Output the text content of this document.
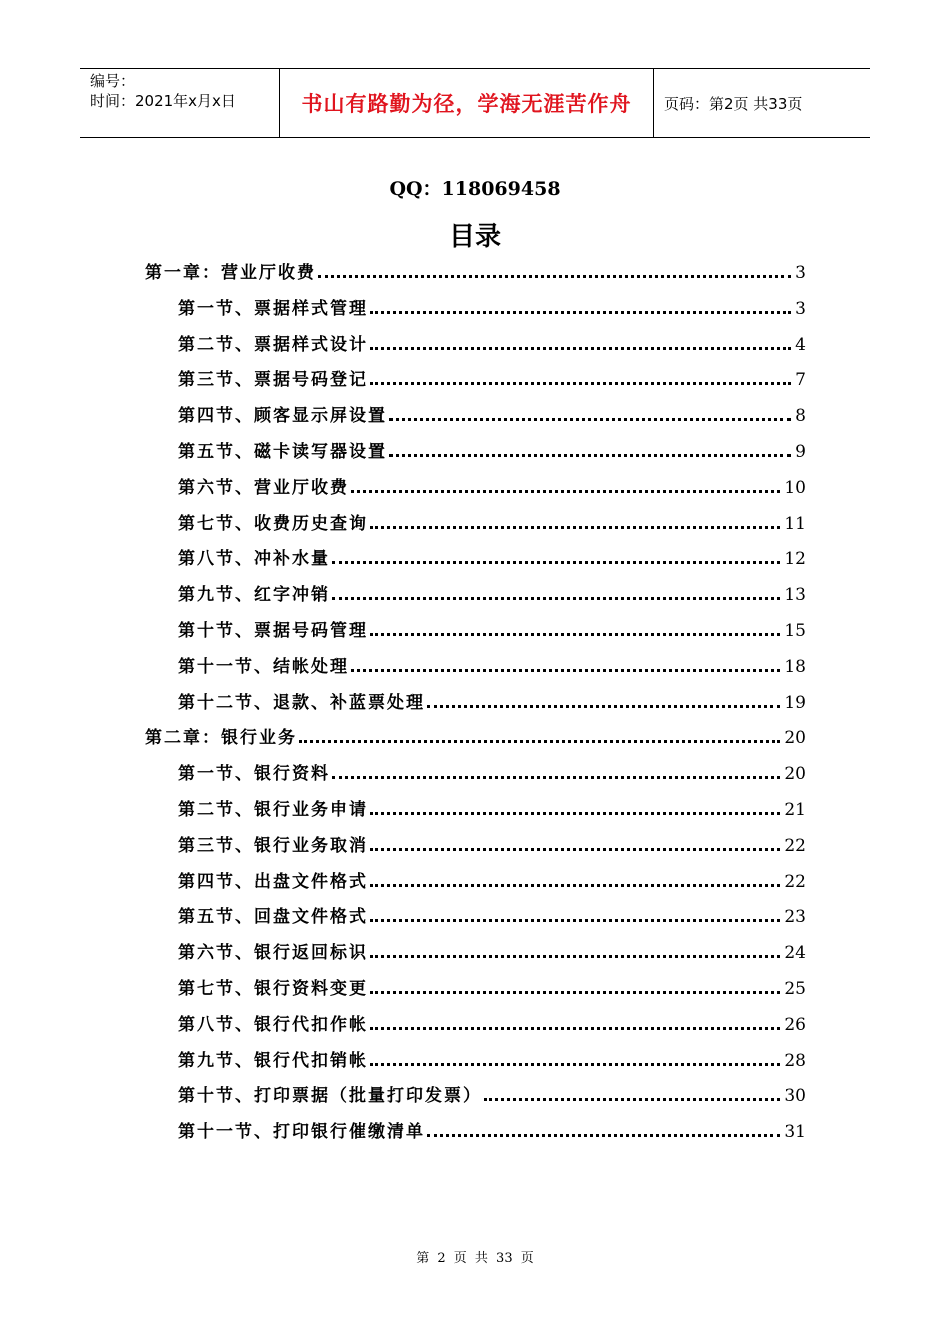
编号：
时间：2021年x月x日	书山有路勤为径，学海无涯苦作舟	页码：第2页 共33页
QQ：118069458
目录
第一章：营业厅收费	3
第一节、票据样式管理	3
第二节、票据样式设计	4
第三节、票据号码登记	7
第四节、顾客显示屏设置	8
第五节、磁卡读写器设置	9
第六节、营业厅收费	10
第七节、收费历史查询	11
第八节、冲补水量	12
第九节、红字冲销	13
第十节、票据号码管理	15
第十一节、结帐处理	18
第十二节、退款、补蓝票处理	19
第二章：银行业务	20
第一节、银行资料	20
第二节、银行业务申请	21
第三节、银行业务取消	22
第四节、出盘文件格式	22
第五节、回盘文件格式	23
第六节、银行返回标识	24
第七节、银行资料变更	25
第八节、银行代扣作帐	26
第九节、银行代扣销帐	28
第十节、打印票据（批量打印发票）	30
第十一节、打印银行催缴清单	31
第 2 页 共 33 页
